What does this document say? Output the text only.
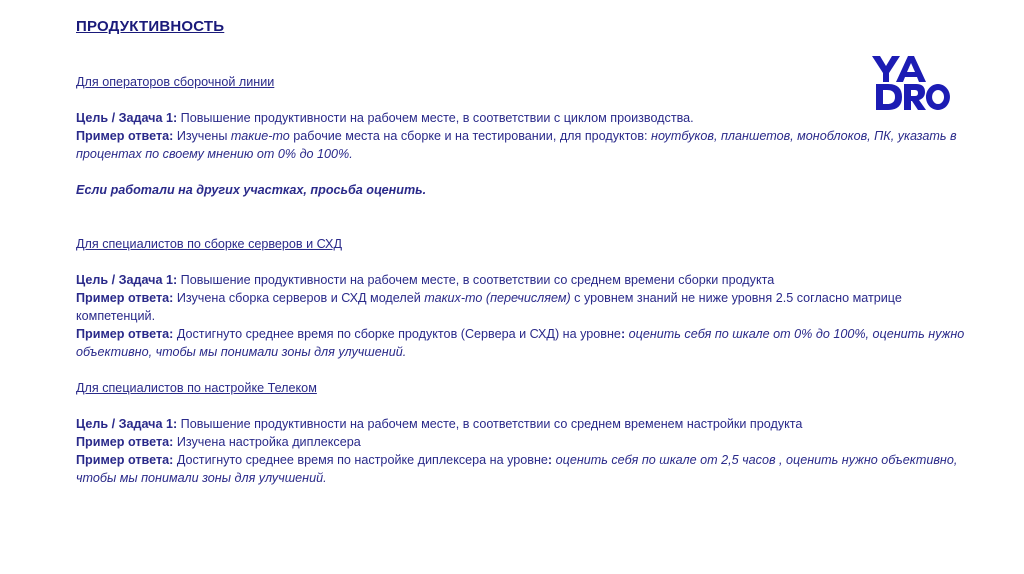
ПРОДУКТИВНОСТЬ
Для операторов сборочной линии
Цель / Задача 1: Повышение продуктивности на рабочем месте, в соответствии с циклом производства.
Пример ответа: Изучены такие-то рабочие места на сборке и на тестировании, для продуктов: ноутбуков, планшетов, моноблоков, ПК, указать в процентах по своему мнению от 0% до 100%.
Если работали на других участках, просьба оценить.
Для специалистов по сборке серверов и СХД
Цель / Задача 1: Повышение продуктивности на рабочем месте, в соответствии со среднем времени сборки продукта
Пример ответа: Изучена сборка серверов и СХД моделей таких-то (перечисляем) с уровнем знаний не ниже уровня 2.5 согласно матрице компетенций.
Пример ответа: Достигнуто среднее время по сборке продуктов (Сервера и СХД) на уровне: оценить себя по шкале от 0% до 100%, оценить нужно объективно, чтобы мы понимали зоны для улучшений.
Для специалистов по настройке Телеком
Цель / Задача 1: Повышение продуктивности на рабочем месте, в соответствии со среднем временем настройки продукта
Пример ответа: Изучена настройка диплексера
Пример ответа: Достигнуто среднее время по настройке диплексера на уровне: оценить себя по шкале от 2,5 часов , оценить нужно объективно, чтобы мы понимали зоны для улучшений.
